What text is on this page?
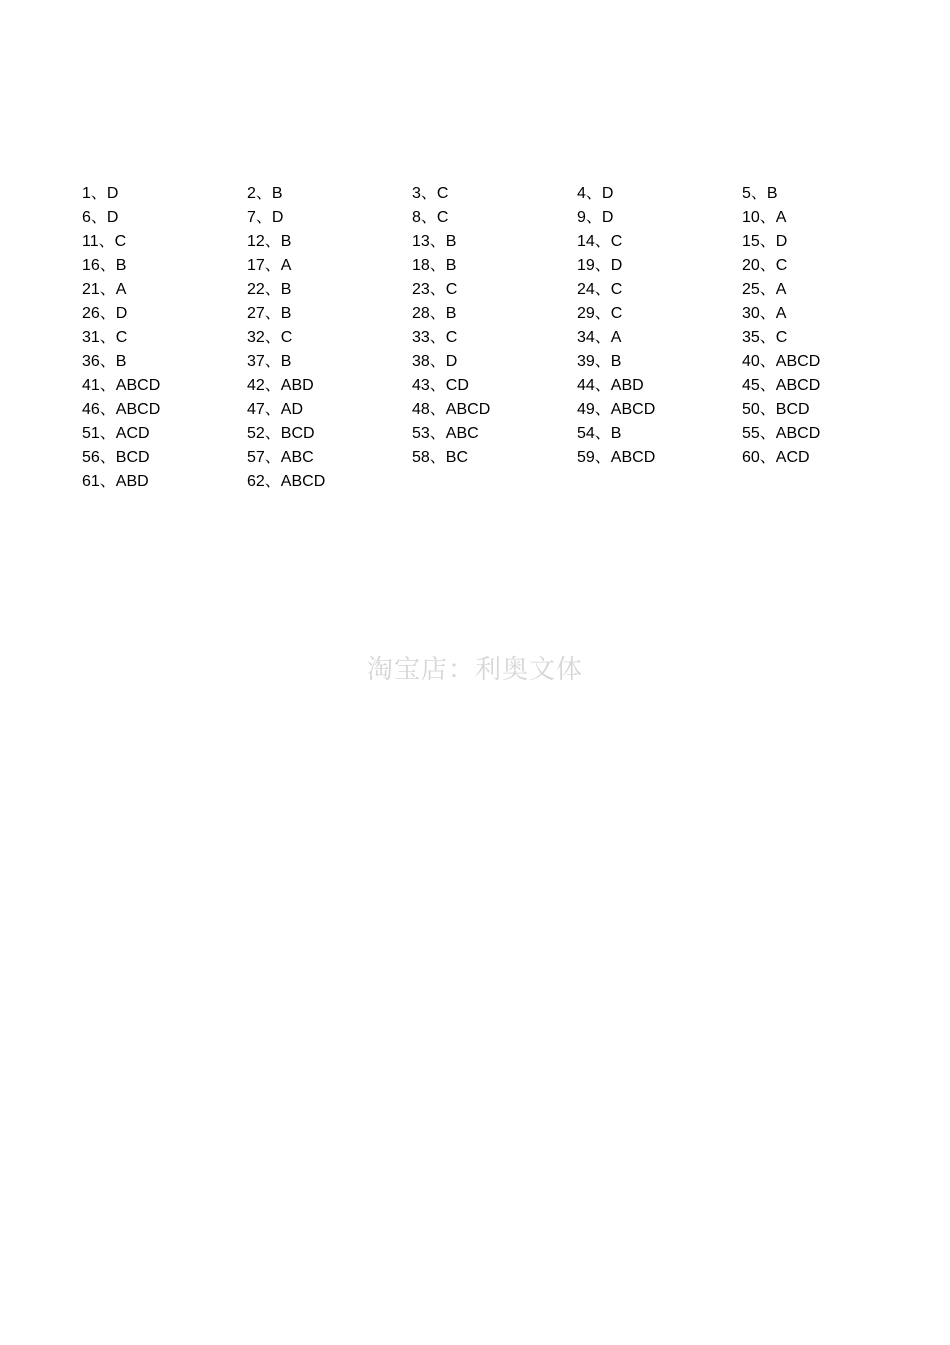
1、D	2、B	3、C	4、D	5、B
6、D	7、D	8、C	9、D	10、A
11、C	12、B	13、B	14、C	15、D
16、B	17、A	18、B	19、D	20、C
21、A	22、B	23、C	24、C	25、A
26、D	27、B	28、B	29、C	30、A
31、C	32、C	33、C	34、A	35、C
36、B	37、B	38、D	39、B	40、ABCD
41、ABCD	42、ABD	43、CD	44、ABD	45、ABCD
46、ABCD	47、AD	48、ABCD	49、ABCD	50、BCD
51、ACD	52、BCD	53、ABC	54、B	55、ABCD
56、BCD	57、ABC	58、BC	59、ABCD	60、ACD
61、ABD	62、ABCD
淘宝店：利奥文体
